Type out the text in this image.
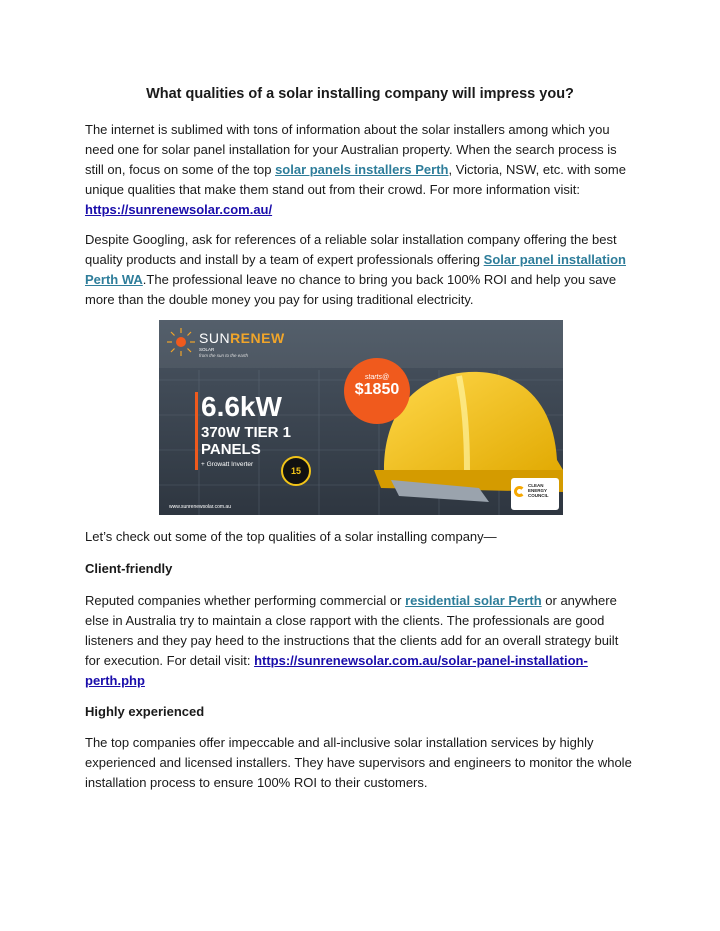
What qualities of a solar installing company will impress you?

The internet is sublimed with tons of information about the solar installers among which you need one for solar panel installation for your Australian property. When the search process is still on, focus on some of the top solar panels installers Perth, Victoria, NSW, etc. with some unique qualities that make them stand out from their crowd. For more information visit: https://sunrenewsolar.com.au/

Despite Googling, ask for references of a reliable solar installation company offering the best quality products and install by a team of expert professionals offering Solar panel installation Perth WA.The professional leave no chance to bring you back 100% ROI and help you save more than the double money you pay for using traditional electricity.

SUNRENEW
SOLAR
from the sun to the earth
starts@
$1850
6.6kW
370W TIER 1 PANELS
+ Growatt Inverter
15
www.sunrenewsolar.com.au
CLEAN ENERGY COUNCIL

Let’s check out some of the top qualities of a solar installing company—

Client-friendly

Reputed companies whether performing commercial or residential solar Perth or anywhere else in Australia try to maintain a close rapport with the clients. The professionals are good listeners and they pay heed to the instructions that the clients add for an overall strategy built for execution. For detail visit: https://sunrenewsolar.com.au/solar-panel-installation-perth.php

Highly experienced

The top companies offer impeccable and all-inclusive solar installation services by highly experienced and licensed installers. They have supervisors and engineers to monitor the whole installation process to ensure 100% ROI to their customers.
